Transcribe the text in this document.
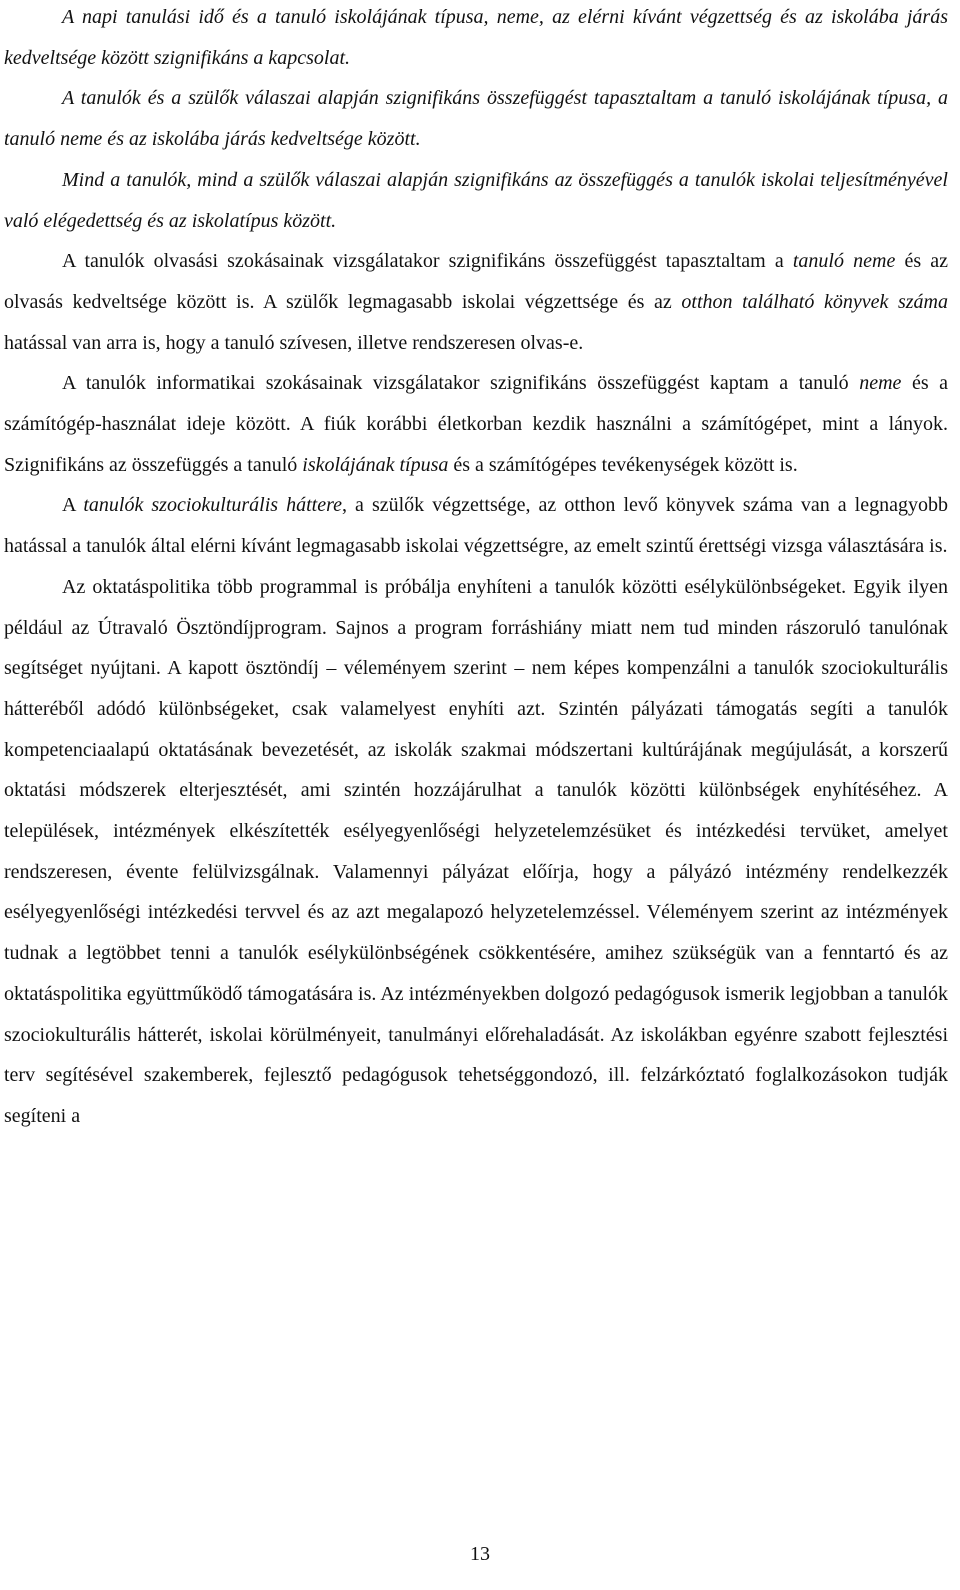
A napi tanulási idő és a tanuló iskolájának típusa, neme, az elérni kívánt végzettség és az iskolába járás kedveltsége között szignifikáns a kapcsolat.

A tanulók és a szülők válaszai alapján szignifikáns összefüggést tapasztaltam a tanuló iskolájának típusa, a tanuló neme és az iskolába járás kedveltsége között.

Mind a tanulók, mind a szülők válaszai alapján szignifikáns az összefüggés a tanulók iskolai teljesítményével való elégedettség és az iskolatípus között.

A tanulók olvasási szokásainak vizsgálatakor szignifikáns összefüggést tapasztaltam a tanuló neme és az olvasás kedveltsége között is. A szülők legmagasabb iskolai végzettsége és az otthon található könyvek száma hatással van arra is, hogy a tanuló szívesen, illetve rendszeresen olvas-e.

A tanulók informatikai szokásainak vizsgálatakor szignifikáns összefüggést kaptam a tanuló neme és a számítógép-használat ideje között. A fiúk korábbi életkorban kezdik használni a számítógépet, mint a lányok. Szignifikáns az összefüggés a tanuló iskolájának típusa és a számítógépes tevékenységek között is.

A tanulók szociokulturális háttere, a szülők végzettsége, az otthon levő könyvek száma van a legnagyobb hatással a tanulók által elérni kívánt legmagasabb iskolai végzettségre, az emelt szintű érettségi vizsga választására is.

Az oktatáspolitika több programmal is próbálja enyhíteni a tanulók közötti esélykülönbségeket. Egyik ilyen például az Útravaló Ösztöndíjprogram. Sajnos a program forráshiány miatt nem tud minden rászoruló tanulónak segítséget nyújtani. A kapott ösztöndíj – véleményem szerint – nem képes kompenzálni a tanulók szociokulturális hátteréből adódó különbségeket, csak valamelyest enyhíti azt. Szintén pályázati támogatás segíti a tanulók kompetenciaalapú oktatásának bevezetését, az iskolák szakmai módszertani kultúrájának megújulását, a korszerű oktatási módszerek elterjesztését, ami szintén hozzájárulhat a tanulók közötti különbségek enyhítéséhez. A települések, intézmények elkészítették esélyegyenlőségi helyzetelemzésüket és intézkedési tervüket, amelyet rendszeresen, évente felülvizsgálnak. Valamennyi pályázat előírja, hogy a pályázó intézmény rendelkezzék esélyegyenlőségi intézkedési tervvel és az azt megalapozó helyzetelemzéssel. Véleményem szerint az intézmények tudnak a legtöbbet tenni a tanulók esélykülönbségének csökkentésére, amihez szükségük van a fenntartó és az oktatáspolitika együttműködő támogatására is. Az intézményekben dolgozó pedagógusok ismerik legjobban a tanulók szociokulturális hátterét, iskolai körülményeit, tanulmányi előrehaladását. Az iskolákban egyénre szabott fejlesztési terv segítésével szakemberek, fejlesztő pedagógusok tehetséggondozó, ill. felzárkóztató foglalkozásokon tudják segíteni a

13
